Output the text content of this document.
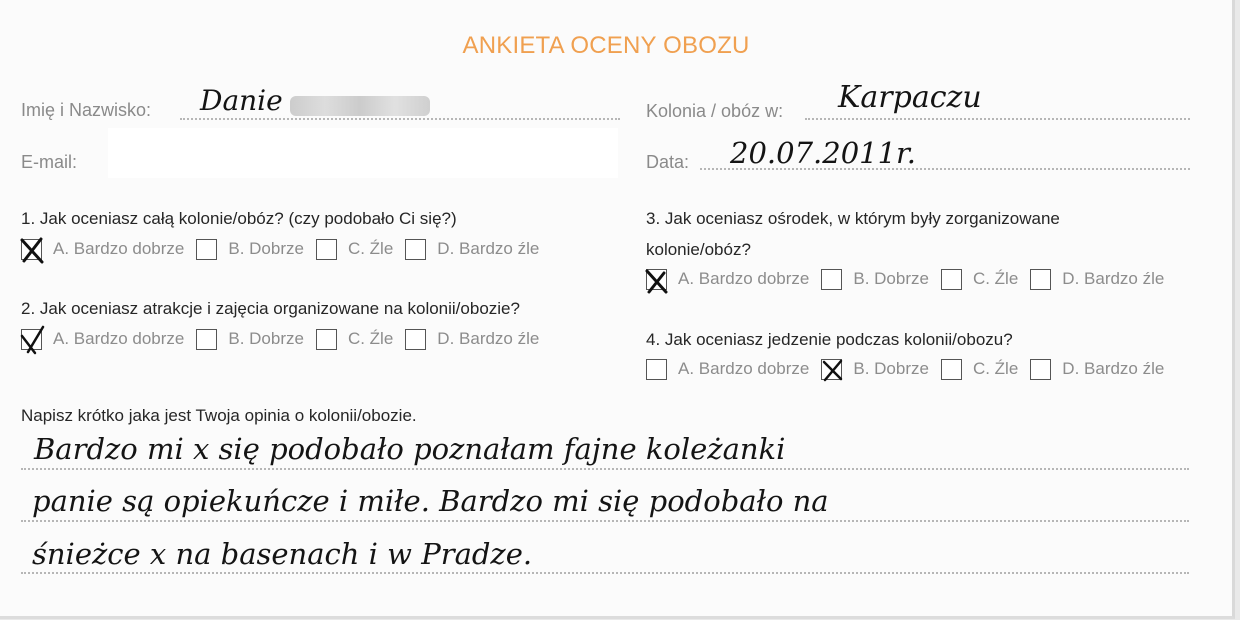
ANKIETA OCENY OBOZU
Imię i Nazwisko: Danie
E-mail:
Kolonia / obóz w: Karpaczu
Data: 20.07.2011r.
1. Jak oceniasz całą kolonie/obóz? (czy podobało Ci się?)
A. Bardzo dobrze	B. Dobrze	C. Źle	D. Bardzo źle
2. Jak oceniasz atrakcje i zajęcia organizowane na kolonii/obozie?
A. Bardzo dobrze	B. Dobrze	C. Źle	D. Bardzo źle
3. Jak oceniasz ośrodek, w którym były zorganizowane
kolonie/obóz?
A. Bardzo dobrze	B. Dobrze	C. Źle	D. Bardzo źle
4. Jak oceniasz jedzenie podczas kolonii/obozu?
A. Bardzo dobrze	B. Dobrze	C. Źle	D. Bardzo źle
Napisz krótko jaka jest Twoja opinia o kolonii/obozie.
Bardzo mi x się podobało poznałam fajne koleżanki
panie są opiekuńcze i miłe. Bardzo mi się podobało na
śnieżce x na basenach i w Pradze.
